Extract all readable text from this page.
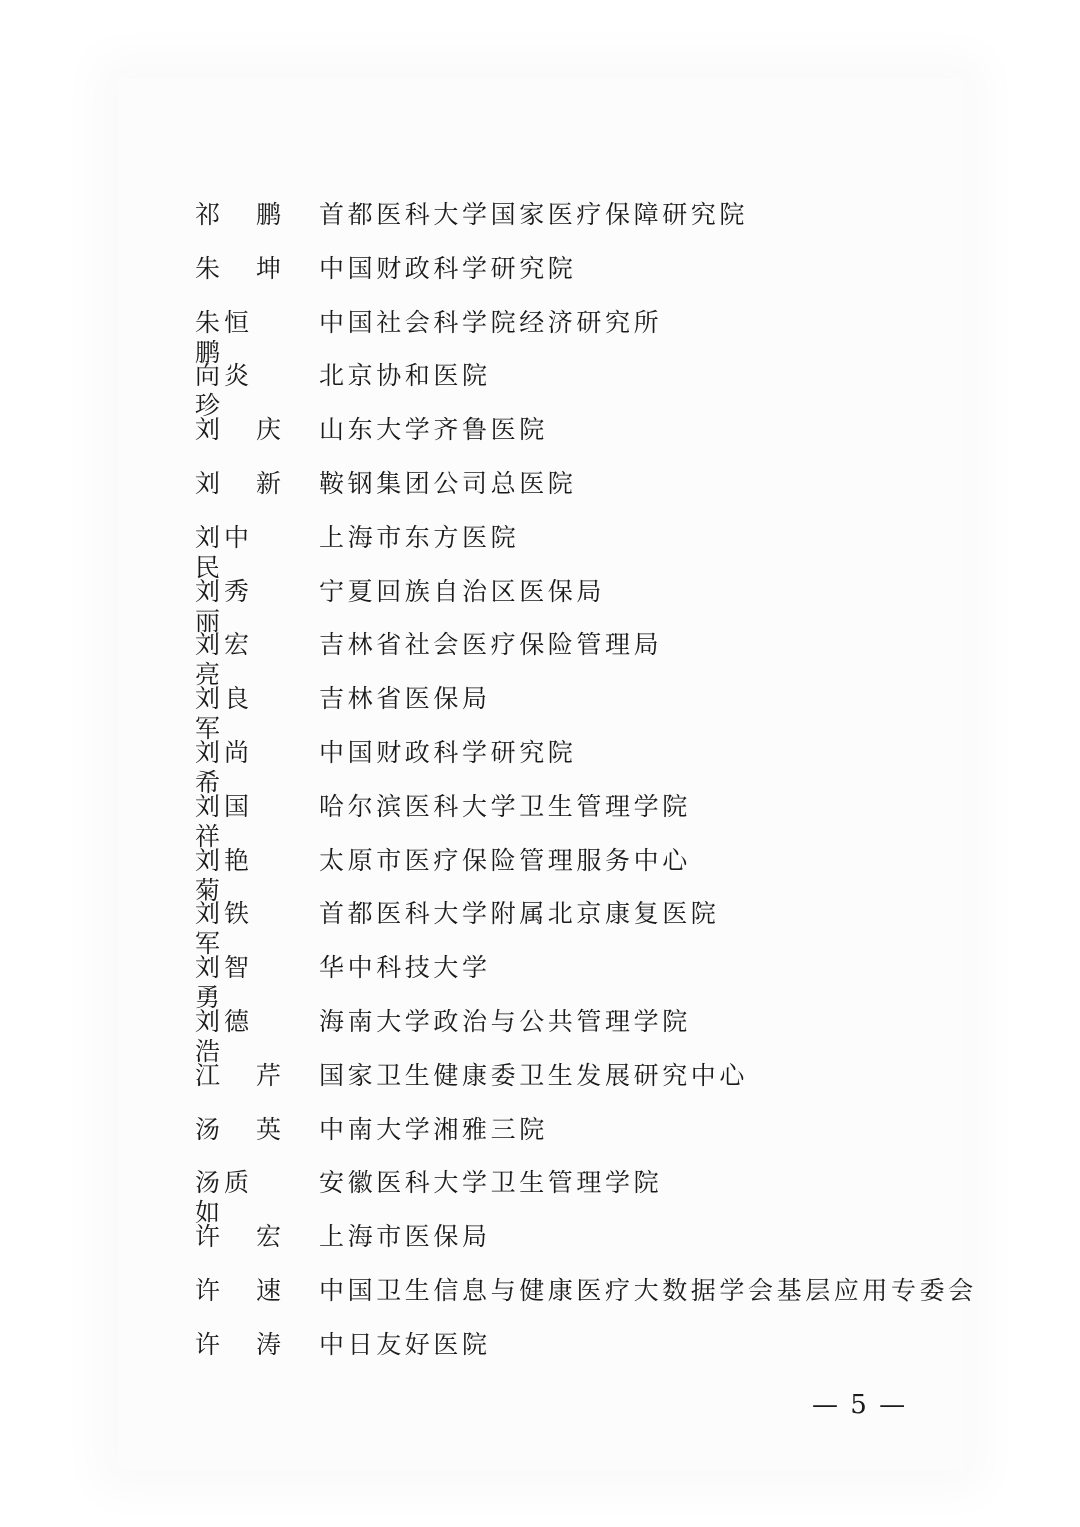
祁 鹏 首都医科大学国家医疗保障研究院
朱 坤 中国财政科学研究院
朱恒鹏
中国社会科学院经济研究所
向炎珍
北京协和医院
刘 庆 山东大学齐鲁医院
刘 新 鞍钢集团公司总医院
刘中民
上海市东方医院
刘秀丽
宁夏回族自治区医保局
刘宏亮
吉林省社会医疗保险管理局
刘良军
吉林省医保局
刘尚希
中国财政科学研究院
刘国祥
哈尔滨医科大学卫生管理学院
刘艳菊
太原市医疗保险管理服务中心
刘铁军
首都医科大学附属北京康复医院
刘智勇
华中科技大学
刘德浩
海南大学政治与公共管理学院
江 芹 国家卫生健康委卫生发展研究中心
汤 英 中南大学湘雅三院
汤质如
安徽医科大学卫生管理学院
许 宏 上海市医保局
许 速 中国卫生信息与健康医疗大数据学会基层应用专委会
许 涛 中日友好医院
— 5 —
